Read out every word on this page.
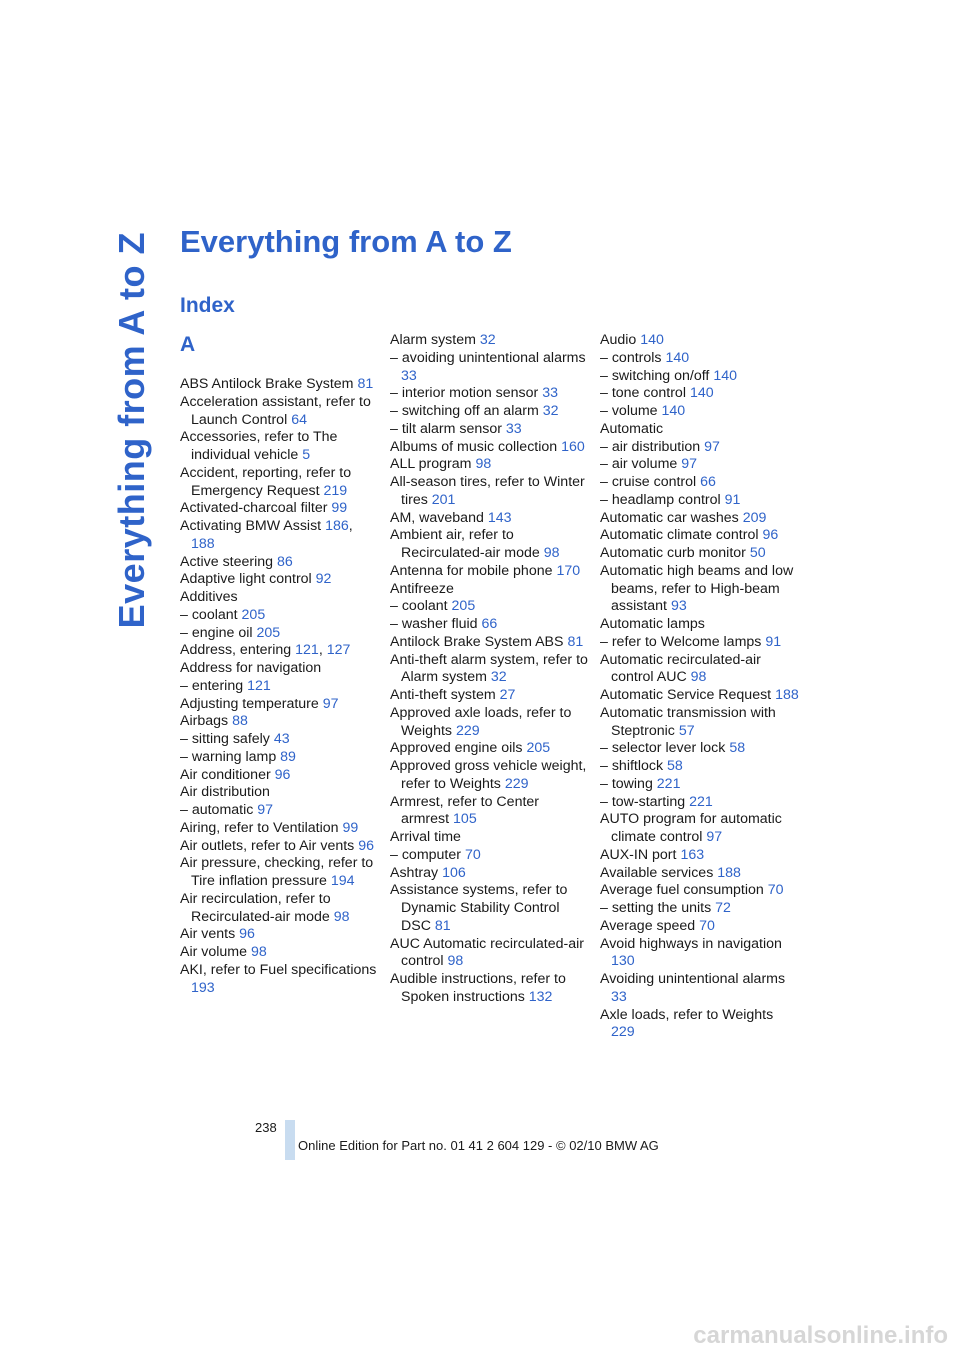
Everything from A to Z Everything from A to Z
Index
A
ABS Antilock Brake System 81
Acceleration assistant, refer to Launch Control 64
Accessories, refer to The individual vehicle 5
Accident, reporting, refer to Emergency Request 219
Activated-charcoal filter 99
Activating BMW Assist 186, 188
Active steering 86
Adaptive light control 92
Additives
– coolant 205
– engine oil 205
Address, entering 121, 127
Address for navigation
– entering 121
Adjusting temperature 97
Airbags 88
– sitting safely 43
– warning lamp 89
Air conditioner 96
Air distribution
– automatic 97
Airing, refer to Ventilation 99
Air outlets, refer to Air vents 96
Air pressure, checking, refer to Tire inflation pressure 194
Air recirculation, refer to Recirculated-air mode 98
Air vents 96
Air volume 98
AKI, refer to Fuel specifications 193
Alarm system 32
– avoiding unintentional alarms 33
– interior motion sensor 33
– switching off an alarm 32
– tilt alarm sensor 33
Albums of music collection 160
ALL program 98
All-season tires, refer to Winter tires 201
AM, waveband 143
Ambient air, refer to Recirculated-air mode 98
Antenna for mobile phone 170
Antifreeze
– coolant 205
– washer fluid 66
Antilock Brake System ABS 81
Anti-theft alarm system, refer to Alarm system 32
Anti-theft system 27
Approved axle loads, refer to Weights 229
Approved engine oils 205
Approved gross vehicle weight, refer to Weights 229
Armrest, refer to Center armrest 105
Arrival time
– computer 70
Ashtray 106
Assistance systems, refer to Dynamic Stability Control DSC 81
AUC Automatic recirculated-air control 98
Audible instructions, refer to Spoken instructions 132
Audio 140
– controls 140
– switching on/off 140
– tone control 140
– volume 140
Automatic
– air distribution 97
– air volume 97
– cruise control 66
– headlamp control 91
Automatic car washes 209
Automatic climate control 96
Automatic curb monitor 50
Automatic high beams and low beams, refer to High-beam assistant 93
Automatic lamps
– refer to Welcome lamps 91
Automatic recirculated-air control AUC 98
Automatic Service Request 188
Automatic transmission with Steptronic 57
– selector lever lock 58
– shiftlock 58
– towing 221
– tow-starting 221
AUTO program for automatic climate control 97
AUX-IN port 163
Available services 188
Average fuel consumption 70
– setting the units 72
Average speed 70
Avoid highways in navigation 130
Avoiding unintentional alarms 33
Axle loads, refer to Weights 229
238
Online Edition for Part no. 01 41 2 604 129 - © 02/10 BMW AG
carmanualsonline.info
